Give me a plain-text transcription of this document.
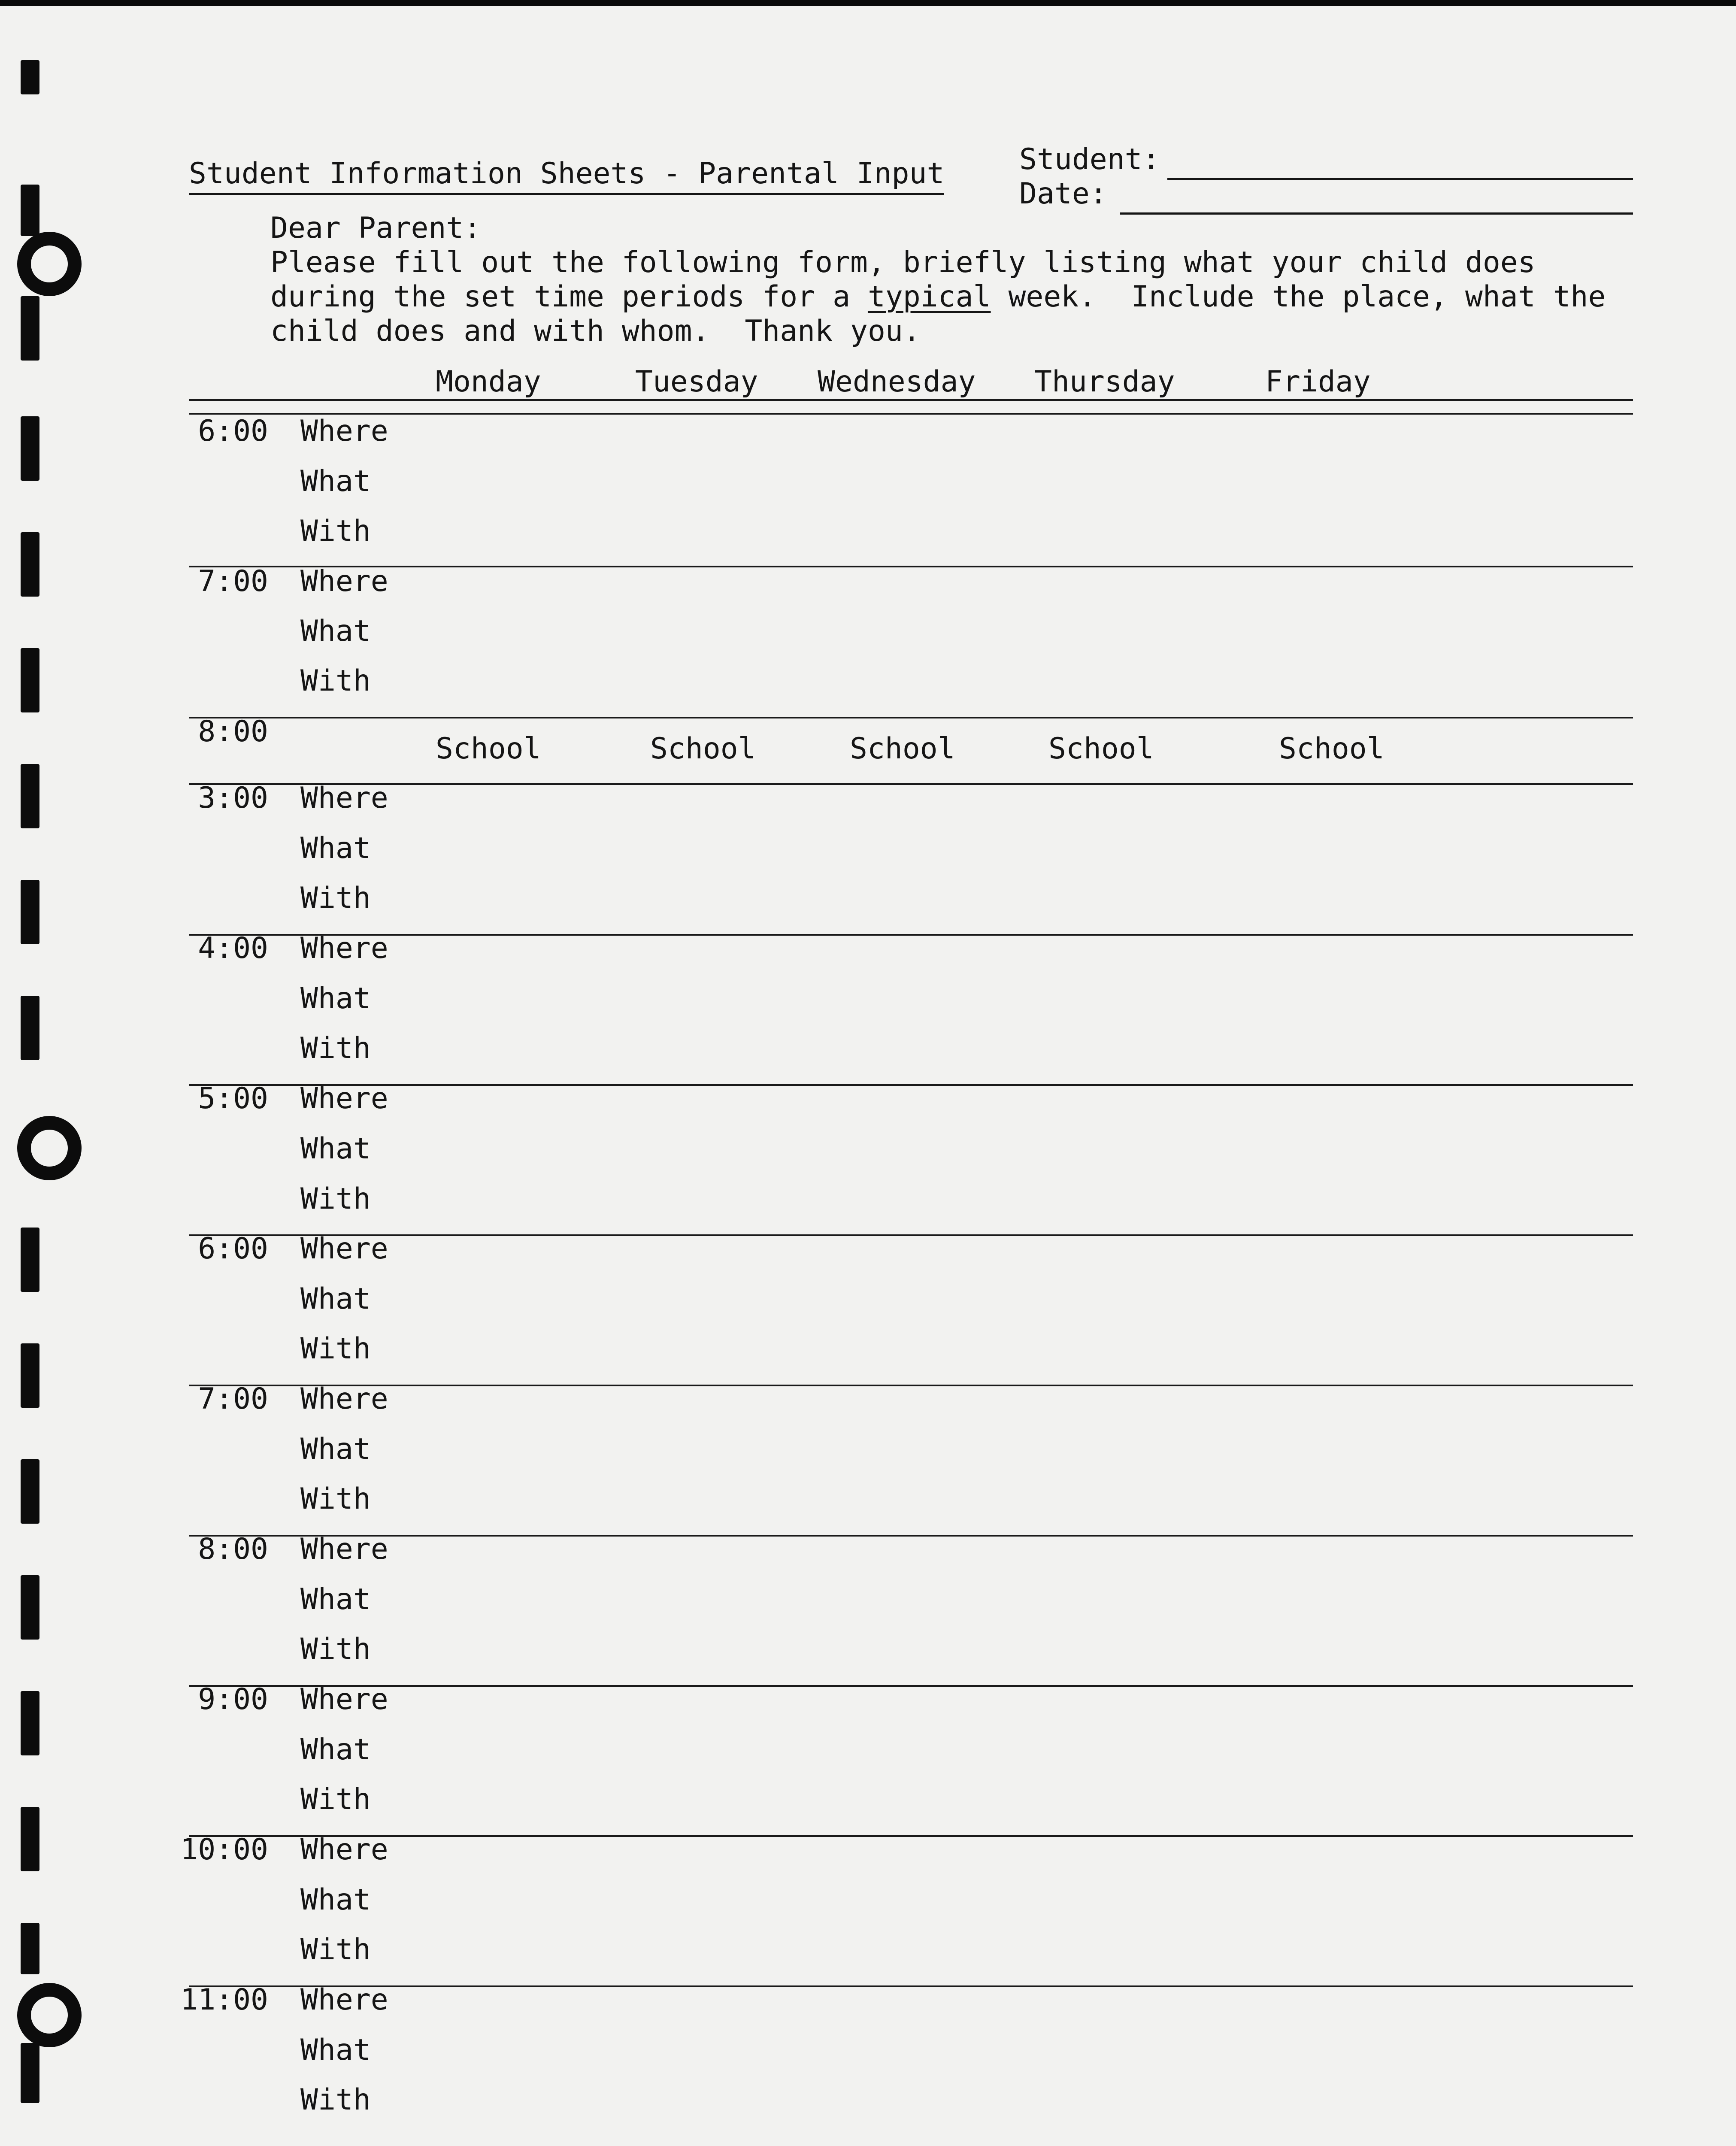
Student Information Sheets - Parental Input	Student:
Date:
Dear Parent:
Please fill out the following form, briefly listing what your child does
during the set time periods for a typical week.  Include the place, what the
child does and with whom.  Thank you.
Monday	Tuesday Wednesday Thursday	Friday
6:00 Where
What
With
7:00 Where
What
With
8:00
School	School	School	School	School
3:00 Where
What
With
4:00 Where
What
With
5:00 Where
What
With
6:00 Where
What
With
7:00 Where
What
With
8:00 Where
What
With
9:00 Where
What
With
10:00 Where
What
With
11:00 Where
What
With
